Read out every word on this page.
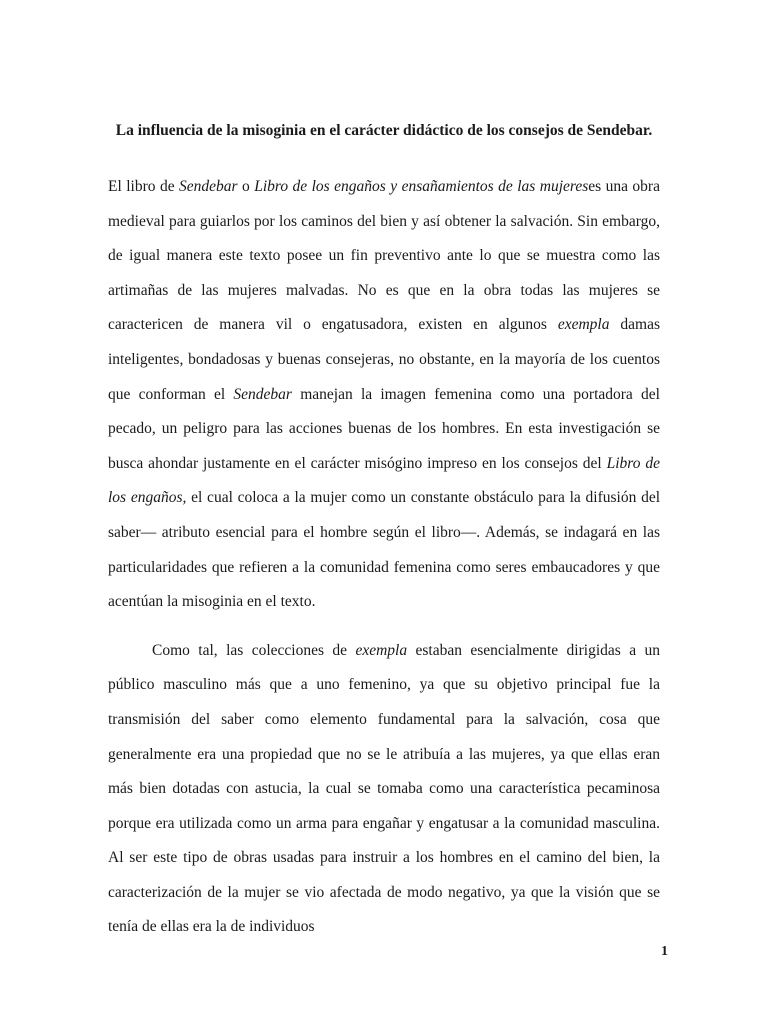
La influencia de la misoginia en el carácter didáctico de los consejos de Sendebar.

El libro de Sendebar o Libro de los engaños y ensañamientos de las mujereses una obra medieval para guiarlos por los caminos del bien y así obtener la salvación. Sin embargo, de igual manera este texto posee un fin preventivo ante lo que se muestra como las artimañas de las mujeres malvadas. No es que en la obra todas las mujeres se caractericen de manera vil o engatusadora, existen en algunos exempla damas inteligentes, bondadosas y buenas consejeras, no obstante, en la mayoría de los cuentos que conforman el Sendebar manejan la imagen femenina como una portadora del pecado, un peligro para las acciones buenas de los hombres. En esta investigación se busca ahondar justamente en el carácter misógino impreso en los consejos del Libro de los engaños, el cual coloca a la mujer como un constante obstáculo para la difusión del saber— atributo esencial para el hombre según el libro—. Además, se indagará en las particularidades que refieren a la comunidad femenina como seres embaucadores y que acentúan la misoginia en el texto.

Como tal, las colecciones de exempla estaban esencialmente dirigidas a un público masculino más que a uno femenino, ya que su objetivo principal fue la transmisión del saber como elemento fundamental para la salvación, cosa que generalmente era una propiedad que no se le atribuía a las mujeres, ya que ellas eran más bien dotadas con astucia, la cual se tomaba como una característica pecaminosa porque era utilizada como un arma para engañar y engatusar a la comunidad masculina. Al ser este tipo de obras usadas para instruir a los hombres en el camino del bien, la caracterización de la mujer se vio afectada de modo negativo, ya que la visión que se tenía de ellas era la de individuos

1
